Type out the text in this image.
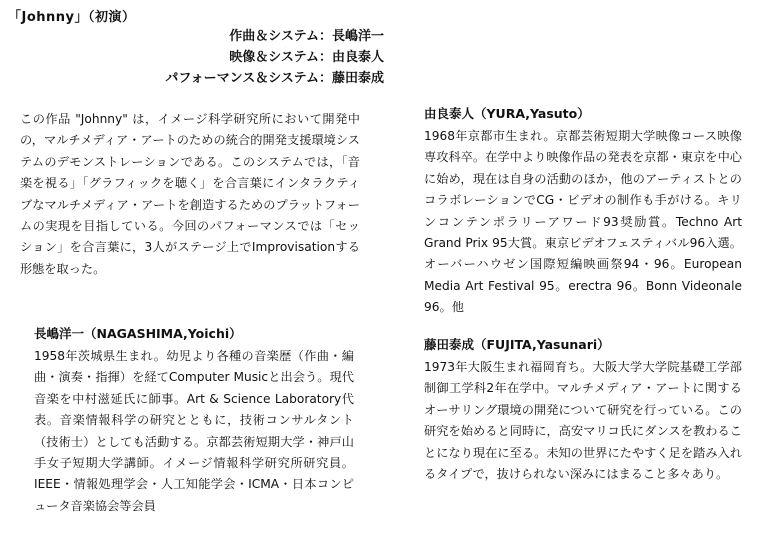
「Johnny」（初演）
作曲＆システム：長嶋洋一
映像＆システム：由良泰人
パフォーマンス＆システム：藤田泰成

この作品 "Johnny" は，イメージ科学研究所において開発中の，マルチメディア・アートのための統合的開発支援環境システムのデモンストレーションである。このシステムでは，「音楽を視る」「グラフィックを聴く」を合言葉にインタラクティブなマルチメディア・アートを創造するためのプラットフォームの実現を目指している。今回のパフォーマンスでは「セッション」を合言葉に，3人がステージ上でImprovisationする形態を取った。

長嶋洋一（NAGASHIMA,Yoichi）

1958年茨城県生まれ。幼児より各種の音楽歴（作曲・編曲・演奏・指揮）を経てComputer Musicと出会う。現代音楽を中村滋延氏に師事。Art & Science Laboratory代表。音楽情報科学の研究とともに，技術コンサルタント（技術士）としても活動する。京都芸術短期大学・神戸山手女子短期大学講師。イメージ情報科学研究所研究員。IEEE・情報処理学会・人工知能学会・ICMA・日本コンピュータ音楽協会等会員

由良泰人（YURA,Yasuto）

1968年京都市生まれ。京都芸術短期大学映像コース映像専攻科卒。在学中より映像作品の発表を京都・東京を中心に始め，現在は自身の活動のほか，他のアーティストとのコラボレーションでCG・ビデオの制作も手がける。キリンコンテンポラリーアワード93奨励賞。Techno Art Grand Prix 95大賞。東京ビデオフェスティバル96入選。オーバーハウゼン国際短編映画祭94・96。European Media Art Festival 95。erectra 96。Bonn Videonale 96。他

藤田泰成（FUJITA,Yasunari）

1973年大阪生まれ福岡育ち。大阪大学大学院基礎工学部制御工学科2年在学中。マルチメディア・アートに関するオーサリング環境の開発について研究を行っている。この研究を始めると同時に，高安マリコ氏にダンスを教わることになり現在に至る。未知の世界にたやすく足を踏み入れるタイプで，抜けられない深みにはまること多々あり。
